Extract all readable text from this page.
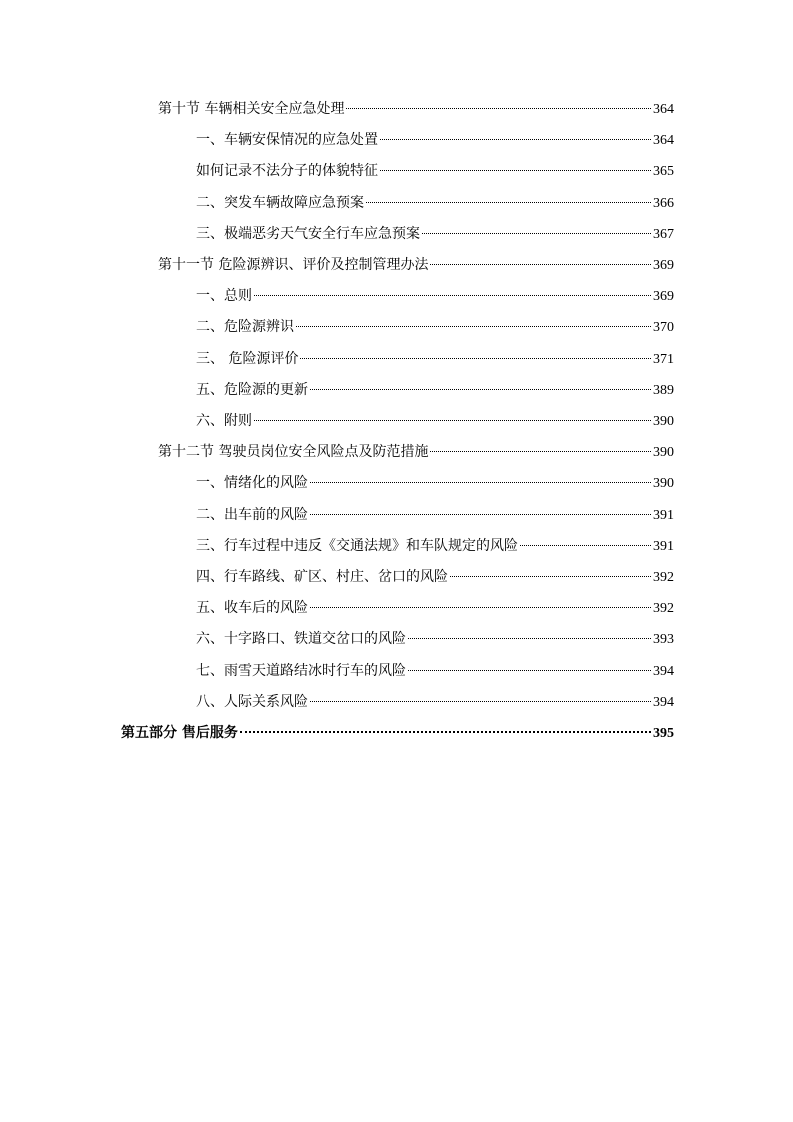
第十节 车辆相关安全应急处理	364
一、车辆安保情况的应急处置	364
如何记录不法分子的体貌特征	365
二、突发车辆故障应急预案	366
三、极端恶劣天气安全行车应急预案	367
第十一节 危险源辨识、评价及控制管理办法	369
一、总则	369
二、危险源辨识	370
三、 危险源评价	371
五、危险源的更新	389
六、附则	390
第十二节 驾驶员岗位安全风险点及防范措施	390
一、情绪化的风险	390
二、出车前的风险	391
三、行车过程中违反《交通法规》和车队规定的风险	391
四、行车路线、矿区、村庄、岔口的风险	392
五、收车后的风险	392
六、十字路口、铁道交岔口的风险	393
七、雨雪天道路结冰时行车的风险	394
八、人际关系风险	394
第五部分 售后服务	395
